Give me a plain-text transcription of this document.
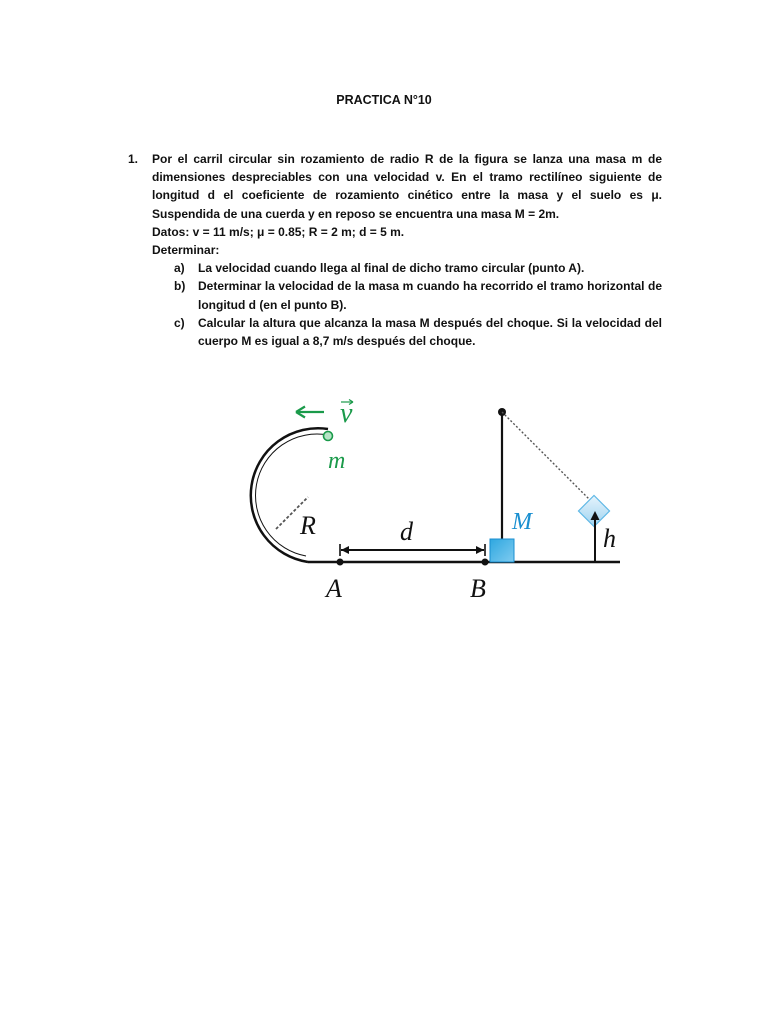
PRACTICA N°10
1. Por el carril circular sin rozamiento de radio R de la figura se lanza una masa m de dimensiones despreciables con una velocidad v. En el tramo rectilíneo siguiente de longitud d el coeficiente de rozamiento cinético entre la masa y el suelo es μ. Suspendida de una cuerda y en reposo se encuentra una masa M = 2m.
Datos: v = 11 m/s; μ = 0.85; R = 2 m; d = 5 m.
Determinar:
a) La velocidad cuando llega al final de dicho tramo circular (punto A).
b) Determinar la velocidad de la masa m cuando ha recorrido el tramo horizontal de longitud d (en el punto B).
c) Calcular la altura que alcanza la masa M después del choque. Si la velocidad del cuerpo M es igual a 8,7 m/s después del choque.
v
m
R	d
A	B
M
h
